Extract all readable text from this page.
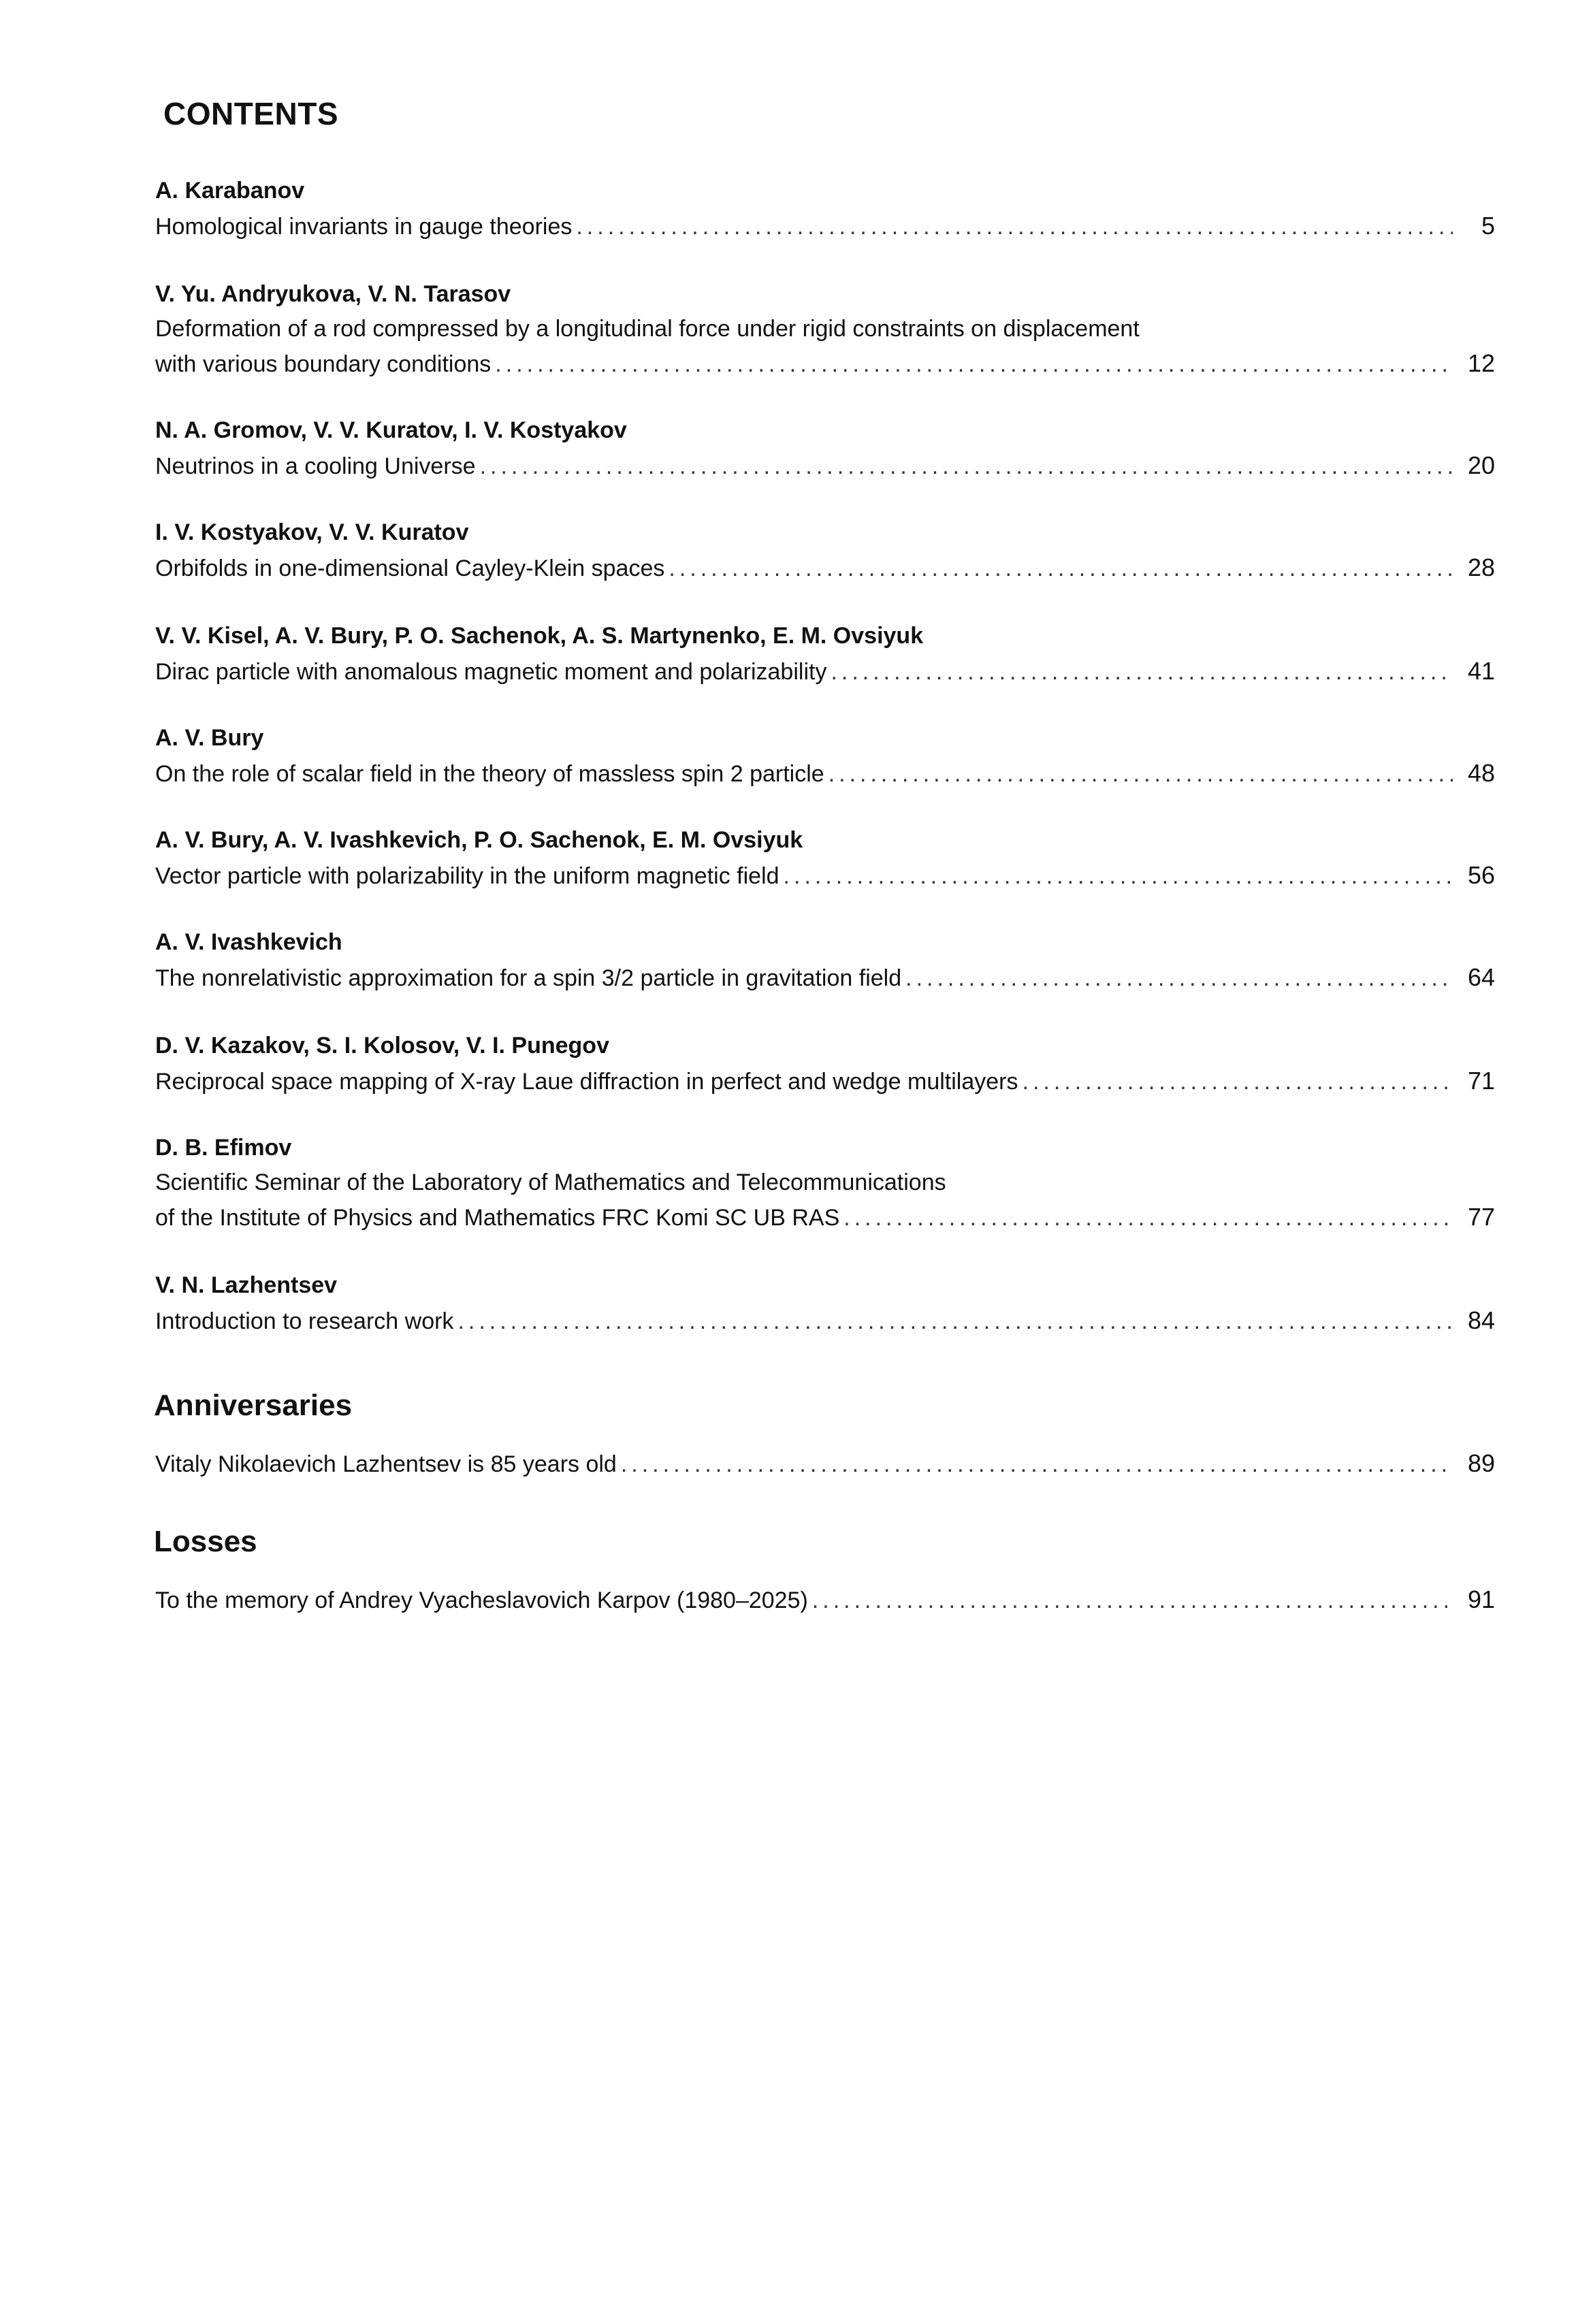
CONTENTS
A. Karabanov
Homological invariants in gauge theories .....	5
V. Yu. Andryukova, V. N. Tarasov
Deformation of a rod compressed by a longitudinal force under rigid constraints on displacement
with various boundary conditions .....	12
N. A. Gromov, V. V. Kuratov, I. V. Kostyakov
Neutrinos in a cooling Universe .....	20
I. V. Kostyakov, V. V. Kuratov
Orbifolds in one-dimensional Cayley-Klein spaces .....	28
V. V. Kisel, A. V. Bury, P. O. Sachenok, A. S. Martynenko, E. M. Ovsiyuk
Dirac particle with anomalous magnetic moment and polarizability .....	41
A. V. Bury
On the role of scalar field in the theory of massless spin 2 particle .....	48
A. V. Bury, A. V. Ivashkevich, P. O. Sachenok, E. M. Ovsiyuk
Vector particle with polarizability in the uniform magnetic field .....	56
A. V. Ivashkevich
The nonrelativistic approximation for a spin 3/2 particle in gravitation field .....	64
D. V. Kazakov, S. I. Kolosov, V. I. Punegov
Reciprocal space mapping of X-ray Laue diffraction in perfect and wedge multilayers .....	71
D. B. Efimov
Scientific Seminar of the Laboratory of Mathematics and Telecommunications
of the Institute of Physics and Mathematics FRC Komi SC UB RAS .....	77
V. N. Lazhentsev
Introduction to research work .....	84
Anniversaries
Vitaly Nikolaevich Lazhentsev is 85 years old .....	89
Losses
To the memory of Andrey Vyacheslavovich Karpov (1980–2025) .....	91
